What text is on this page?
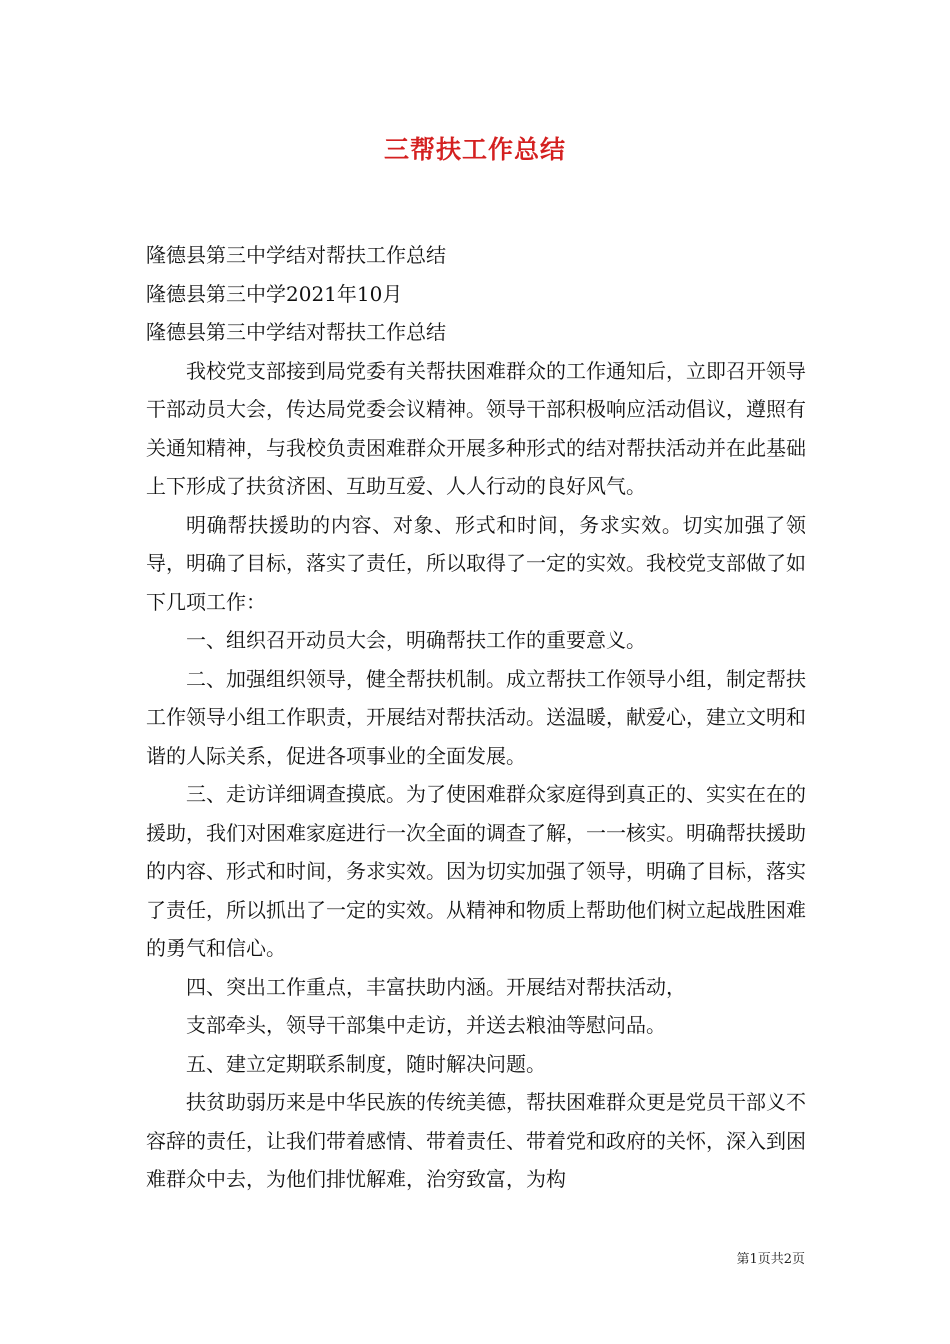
三帮扶工作总结

隆德县第三中学结对帮扶工作总结

隆德县第三中学2021年10月

隆德县第三中学结对帮扶工作总结

我校党支部接到局党委有关帮扶困难群众的工作通知后，立即召开领导干部动员大会，传达局党委会议精神。领导干部积极响应活动倡议，遵照有关通知精神，与我校负责困难群众开展多种形式的结对帮扶活动并在此基础上下形成了扶贫济困、互助互爱、人人行动的良好风气。

明确帮扶援助的内容、对象、形式和时间，务求实效。切实加强了领导，明确了目标，落实了责任，所以取得了一定的实效。我校党支部做了如下几项工作：

一、组织召开动员大会，明确帮扶工作的重要意义。

二、加强组织领导，健全帮扶机制。成立帮扶工作领导小组，制定帮扶工作领导小组工作职责，开展结对帮扶活动。送温暖，献爱心，建立文明和谐的人际关系，促进各项事业的全面发展。

三、走访详细调查摸底。为了使困难群众家庭得到真正的、实实在在的援助，我们对困难家庭进行一次全面的调查了解，一一核实。明确帮扶援助的内容、形式和时间，务求实效。因为切实加强了领导，明确了目标，落实了责任，所以抓出了一定的实效。从精神和物质上帮助他们树立起战胜困难的勇气和信心。

四、突出工作重点，丰富扶助内涵。开展结对帮扶活动，

支部牵头，领导干部集中走访，并送去粮油等慰问品。

五、建立定期联系制度，随时解决问题。

扶贫助弱历来是中华民族的传统美德，帮扶困难群众更是党员干部义不容辞的责任，让我们带着感情、带着责任、带着党和政府的关怀，深入到困难群众中去，为他们排忧解难，治穷致富，为构

第1页共2页
